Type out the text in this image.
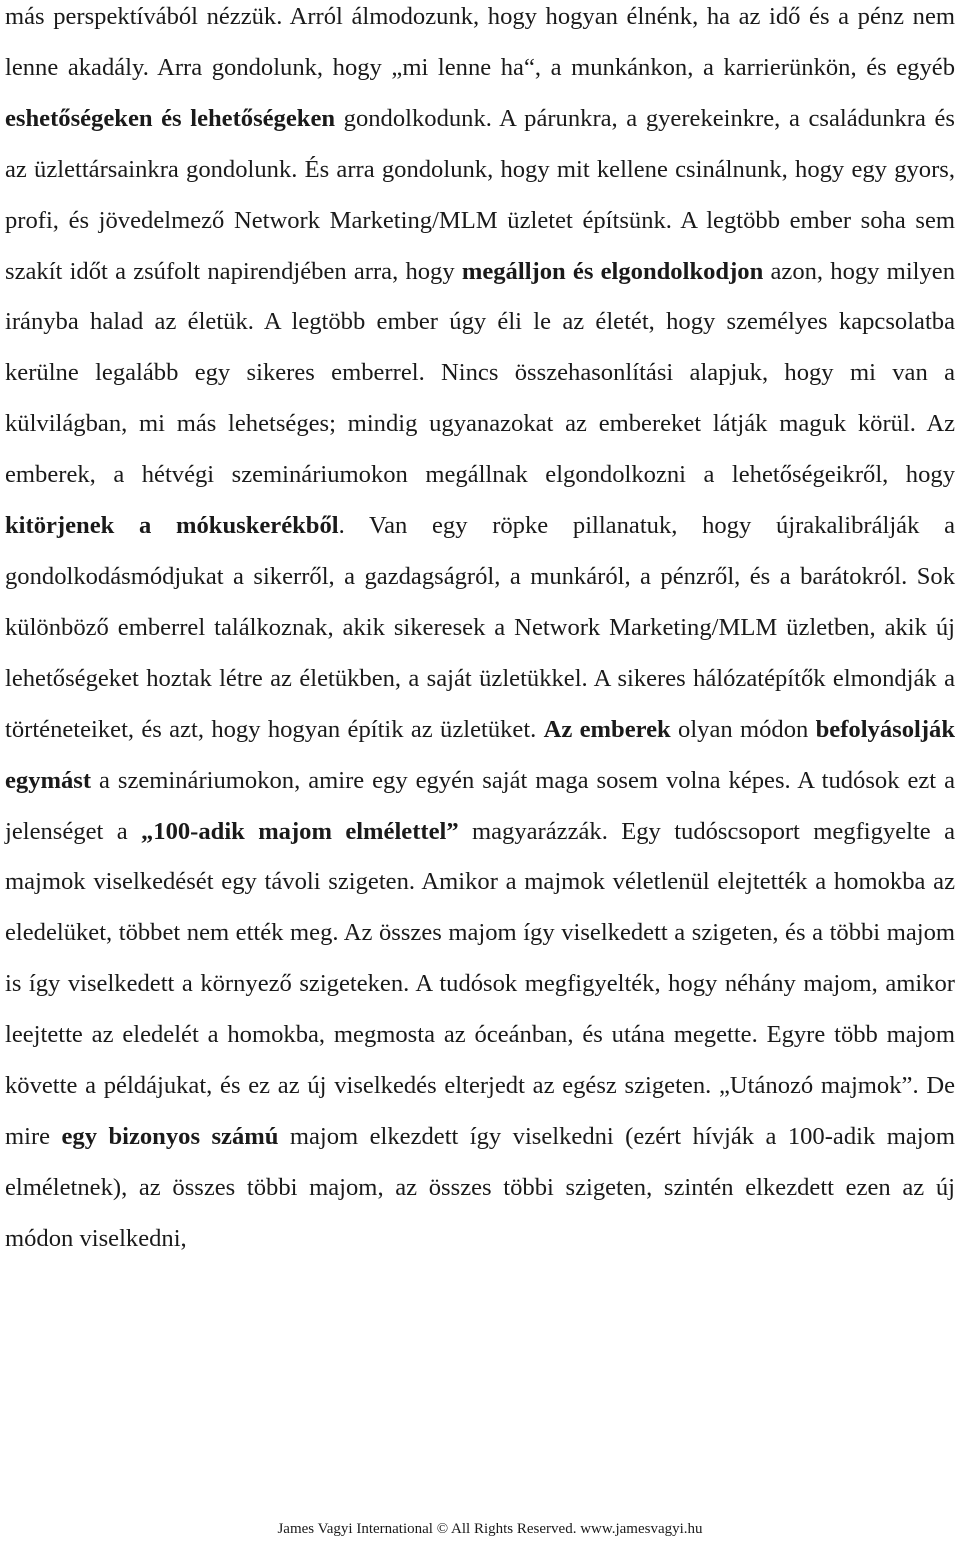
más perspektívából nézzük. Arról álmodozunk, hogy hogyan élnénk, ha az idő és a pénz nem lenne akadály. Arra gondolunk, hogy „mi lenne ha“, a munkánkon, a karrierünkön, és egyéb eshetőségeken és lehetőségeken gondolkodunk. A párunkra, a gyerekeinkre, a családunkra és az üzlettársainkra gondolunk. És arra gondolunk, hogy mit kellene csinálnunk, hogy egy gyors, profi, és jövedelmező Network Marketing/MLM üzletet építsünk. A legtöbb ember soha sem szakít időt a zsúfolt napirendjében arra, hogy megálljon és elgondolkodjon azon, hogy milyen irányba halad az életük. A legtöbb ember úgy éli le az életét, hogy személyes kapcsolatba kerülne legalább egy sikeres emberrel. Nincs összehasonlítási alapjuk, hogy mi van a külvilágban, mi más lehetséges; mindig ugyanazokat az embereket látják maguk körül. Az emberek, a hétvégi szemináriumokon megállnak elgondolkozni a lehetőségeikről, hogy kitörjenek a mókuskerékből. Van egy röpke pillanatuk, hogy újrakalibrálják a gondolkodásmódjukat a sikerről, a gazdagságról, a munkáról, a pénzről, és a barátokról. Sok különböző emberrel találkoznak, akik sikeresek a Network Marketing/MLM üzletben, akik új lehetőségeket hoztak létre az életükben, a saját üzletükkel. A sikeres hálózatépítők elmondják a történeteiket, és azt, hogy hogyan építik az üzletüket. Az emberek olyan módon befolyásolják egymást a szemináriumokon, amire egy egyén saját maga sosem volna képes. A tudósok ezt a jelenséget a „100-adik majom elmélettel” magyarázzák. Egy tudóscsoport megfigyelte a majmok viselkedését egy távoli szigeten. Amikor a majmok véletlenül elejtették a homokba az eledelüket, többet nem ették meg. Az összes majom így viselkedett a szigeten, és a többi majom is így viselkedett a környező szigeteken. A tudósok megfigyelték, hogy néhány majom, amikor leejtette az eledelét a homokba, megmosta az óceánban, és utána megette. Egyre több majom követte a példájukat, és ez az új viselkedés elterjedt az egész szigeten. „Utánozó majmok”. De mire egy bizonyos számú majom elkezdett így viselkedni (ezért hívják a 100-adik majom elméletnek), az összes többi majom, az összes többi szigeten, szintén elkezdett ezen az új módon viselkedni,

James Vagyi International © All Rights Reserved. www.jamesvagyi.hu
